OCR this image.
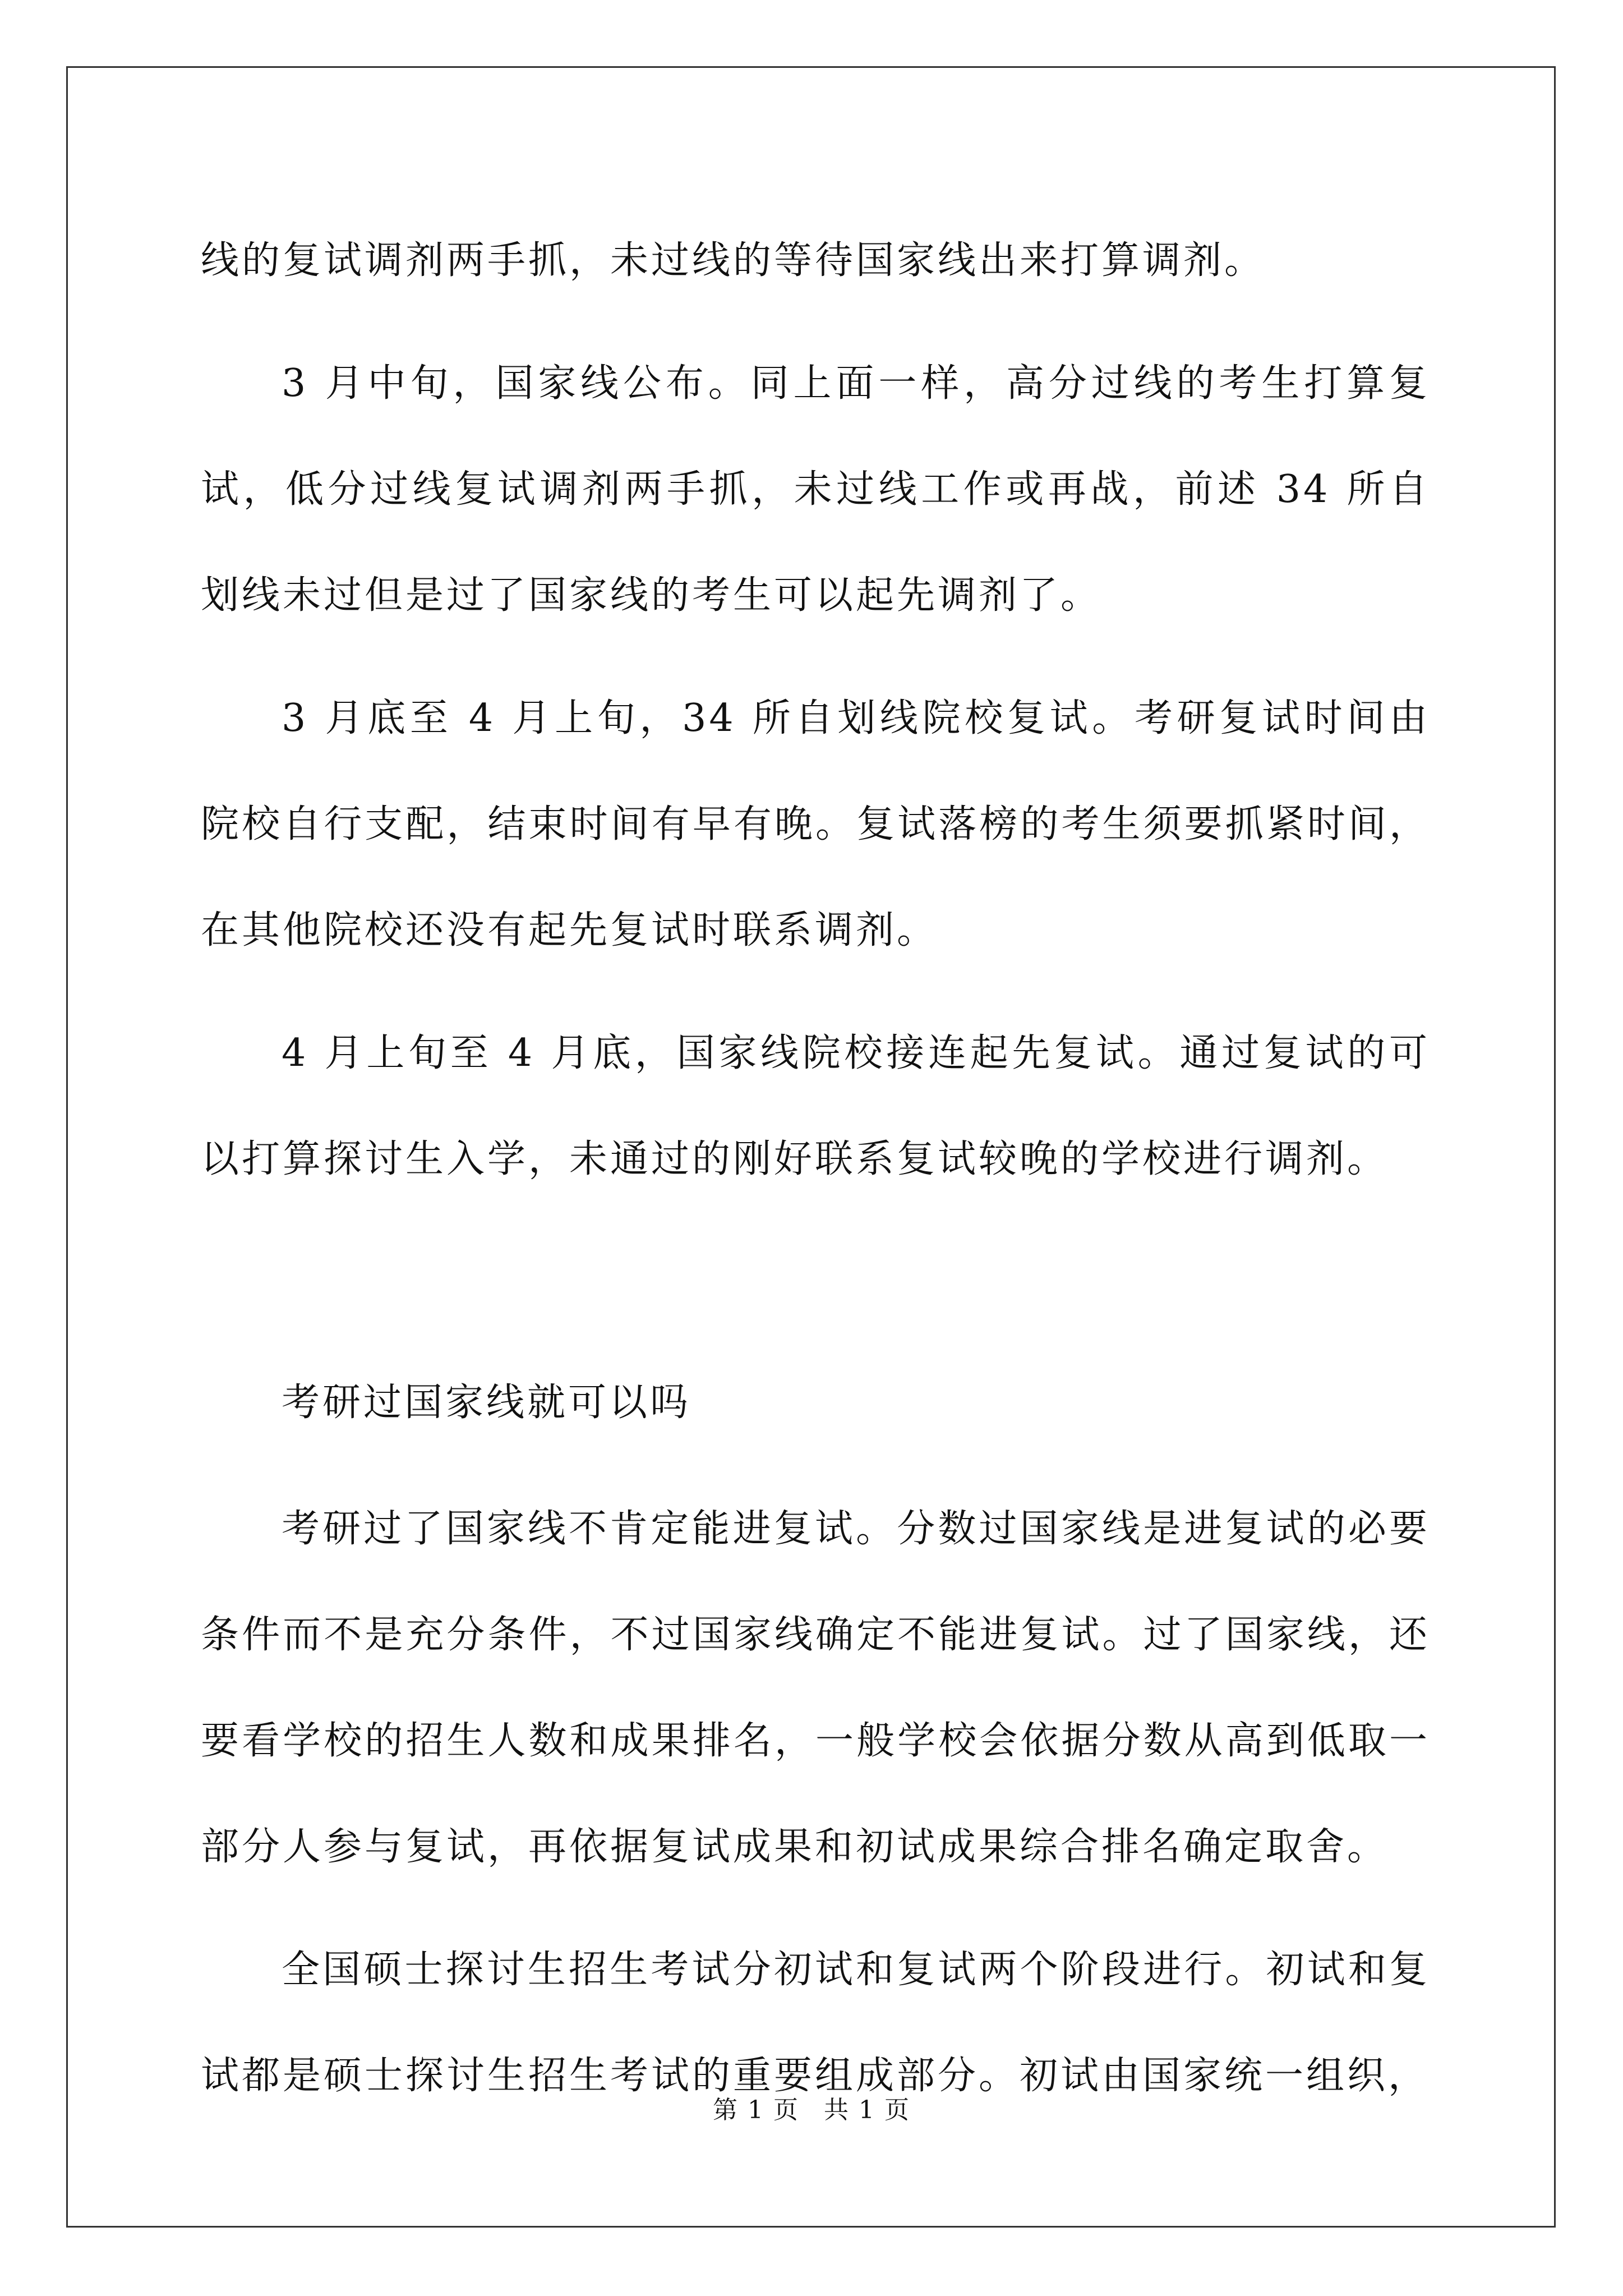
线的复试调剂两手抓，未过线的等待国家线出来打算调剂。

3 月中旬，国家线公布。同上面一样，高分过线的考生打算复试，低分过线复试调剂两手抓，未过线工作或再战，前述 34 所自划线未过但是过了国家线的考生可以起先调剂了。

3 月底至 4 月上旬，34 所自划线院校复试。考研复试时间由院校自行支配，结束时间有早有晚。复试落榜的考生须要抓紧时间，在其他院校还没有起先复试时联系调剂。

4 月上旬至 4 月底，国家线院校接连起先复试。通过复试的可以打算探讨生入学，未通过的刚好联系复试较晚的学校进行调剂。

考研过国家线就可以吗

考研过了国家线不肯定能进复试。分数过国家线是进复试的必要条件而不是充分条件，不过国家线确定不能进复试。过了国家线，还要看学校的招生人数和成果排名，一般学校会依据分数从高到低取一部分人参与复试，再依据复试成果和初试成果综合排名确定取舍。

全国硕士探讨生招生考试分初试和复试两个阶段进行。初试和复试都是硕士探讨生招生考试的重要组成部分。初试由国家统一组织，

第 1 页 共 1 页
